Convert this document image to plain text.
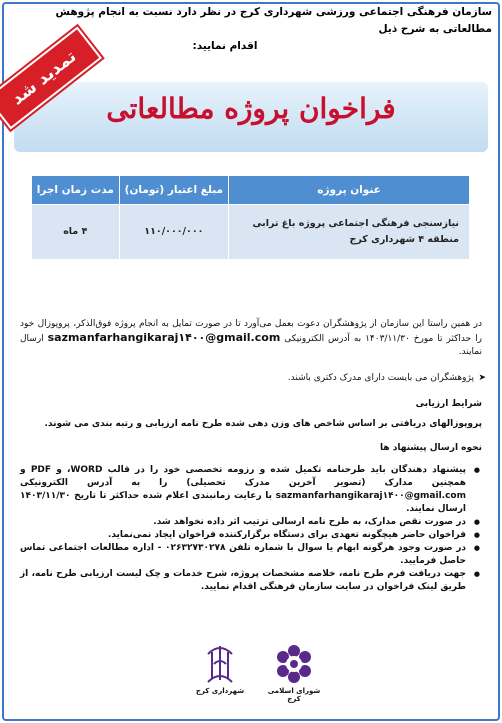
سازمان فرهنگی اجتماعی ورزشی شهرداری کرج در نظر دارد نسبت به انجام پژوهش مطالعاتی به شرح ذیل
اقدام نمایید:
فراخوان پروژه مطالعاتی
تمدید شد
عنوان پروژه	مبلغ اعتبار (تومان)	مدت زمان اجرا
نیازسنجی فرهنگی اجتماعی پروژه باغ ترابی منطقه ۴ شهرداری کرج	۱۱۰/۰۰۰/۰۰۰	۴ ماه
در همین راستا این سازمان از پژوهشگران دعوت بعمل می‌آورد تا در صورت تمایل به انجام پروژه فوق‌الذکر، پروپوزال خود را حداکثر تا مورخ ۱۴۰۳/۱۱/۳۰ به آدرس الکترونیکی sazmanfarhangikaraj۱۴۰۰@gmail.com ارسال نمایند.
➤
پژوهشگران می بایست دارای مدرک دکتری باشند.
شرایط ارزیابی
پروپوزالهای دریافتی بر اساس شاخص های وزن دهی شده طرح نامه ارزیابی و رتبه بندی می شوند.
نحوه ارسال پیشنهاد ها
● پیشنهاد دهندگان باید طرحنامه تکمیل شده و رزومه تخصصی خود را در قالب WORD، و PDF و همچنین مدارک (تصویر آخرین مدرک تحصیلی) را به آدرس الکترونیکی sazmanfarhangikaraj۱۴۰۰@gmail.com با رعایت زمانبندی اعلام شده حداکثر تا تاریخ ۱۴۰۳/۱۱/۳۰ ارسال نمایند.
● در صورت نقص مدارک، به طرح نامه ارسالی ترتیب اثر داده نخواهد شد.
● فراخوان حاضر هیچگونه تعهدی برای دستگاه برگزارکننده فراخوان ایجاد نمی‌نماید.
● در صورت وجود هرگونه ابهام یا سوال با شماره تلفن ۰۲۶۳۲۷۳۰۲۷۸ - اداره مطالعات اجتماعی تماس حاصل فرمایید.
● جهت دریافت فرم طرح نامه، خلاصه مشخصات پروژه، شرح خدمات و چک لیست ارزیابی طرح نامه، از طریق لینک فراخوان در سایت سازمان فرهنگی اقدام نمایید.
شهرداری کرج	شورای اسلامی کرج
